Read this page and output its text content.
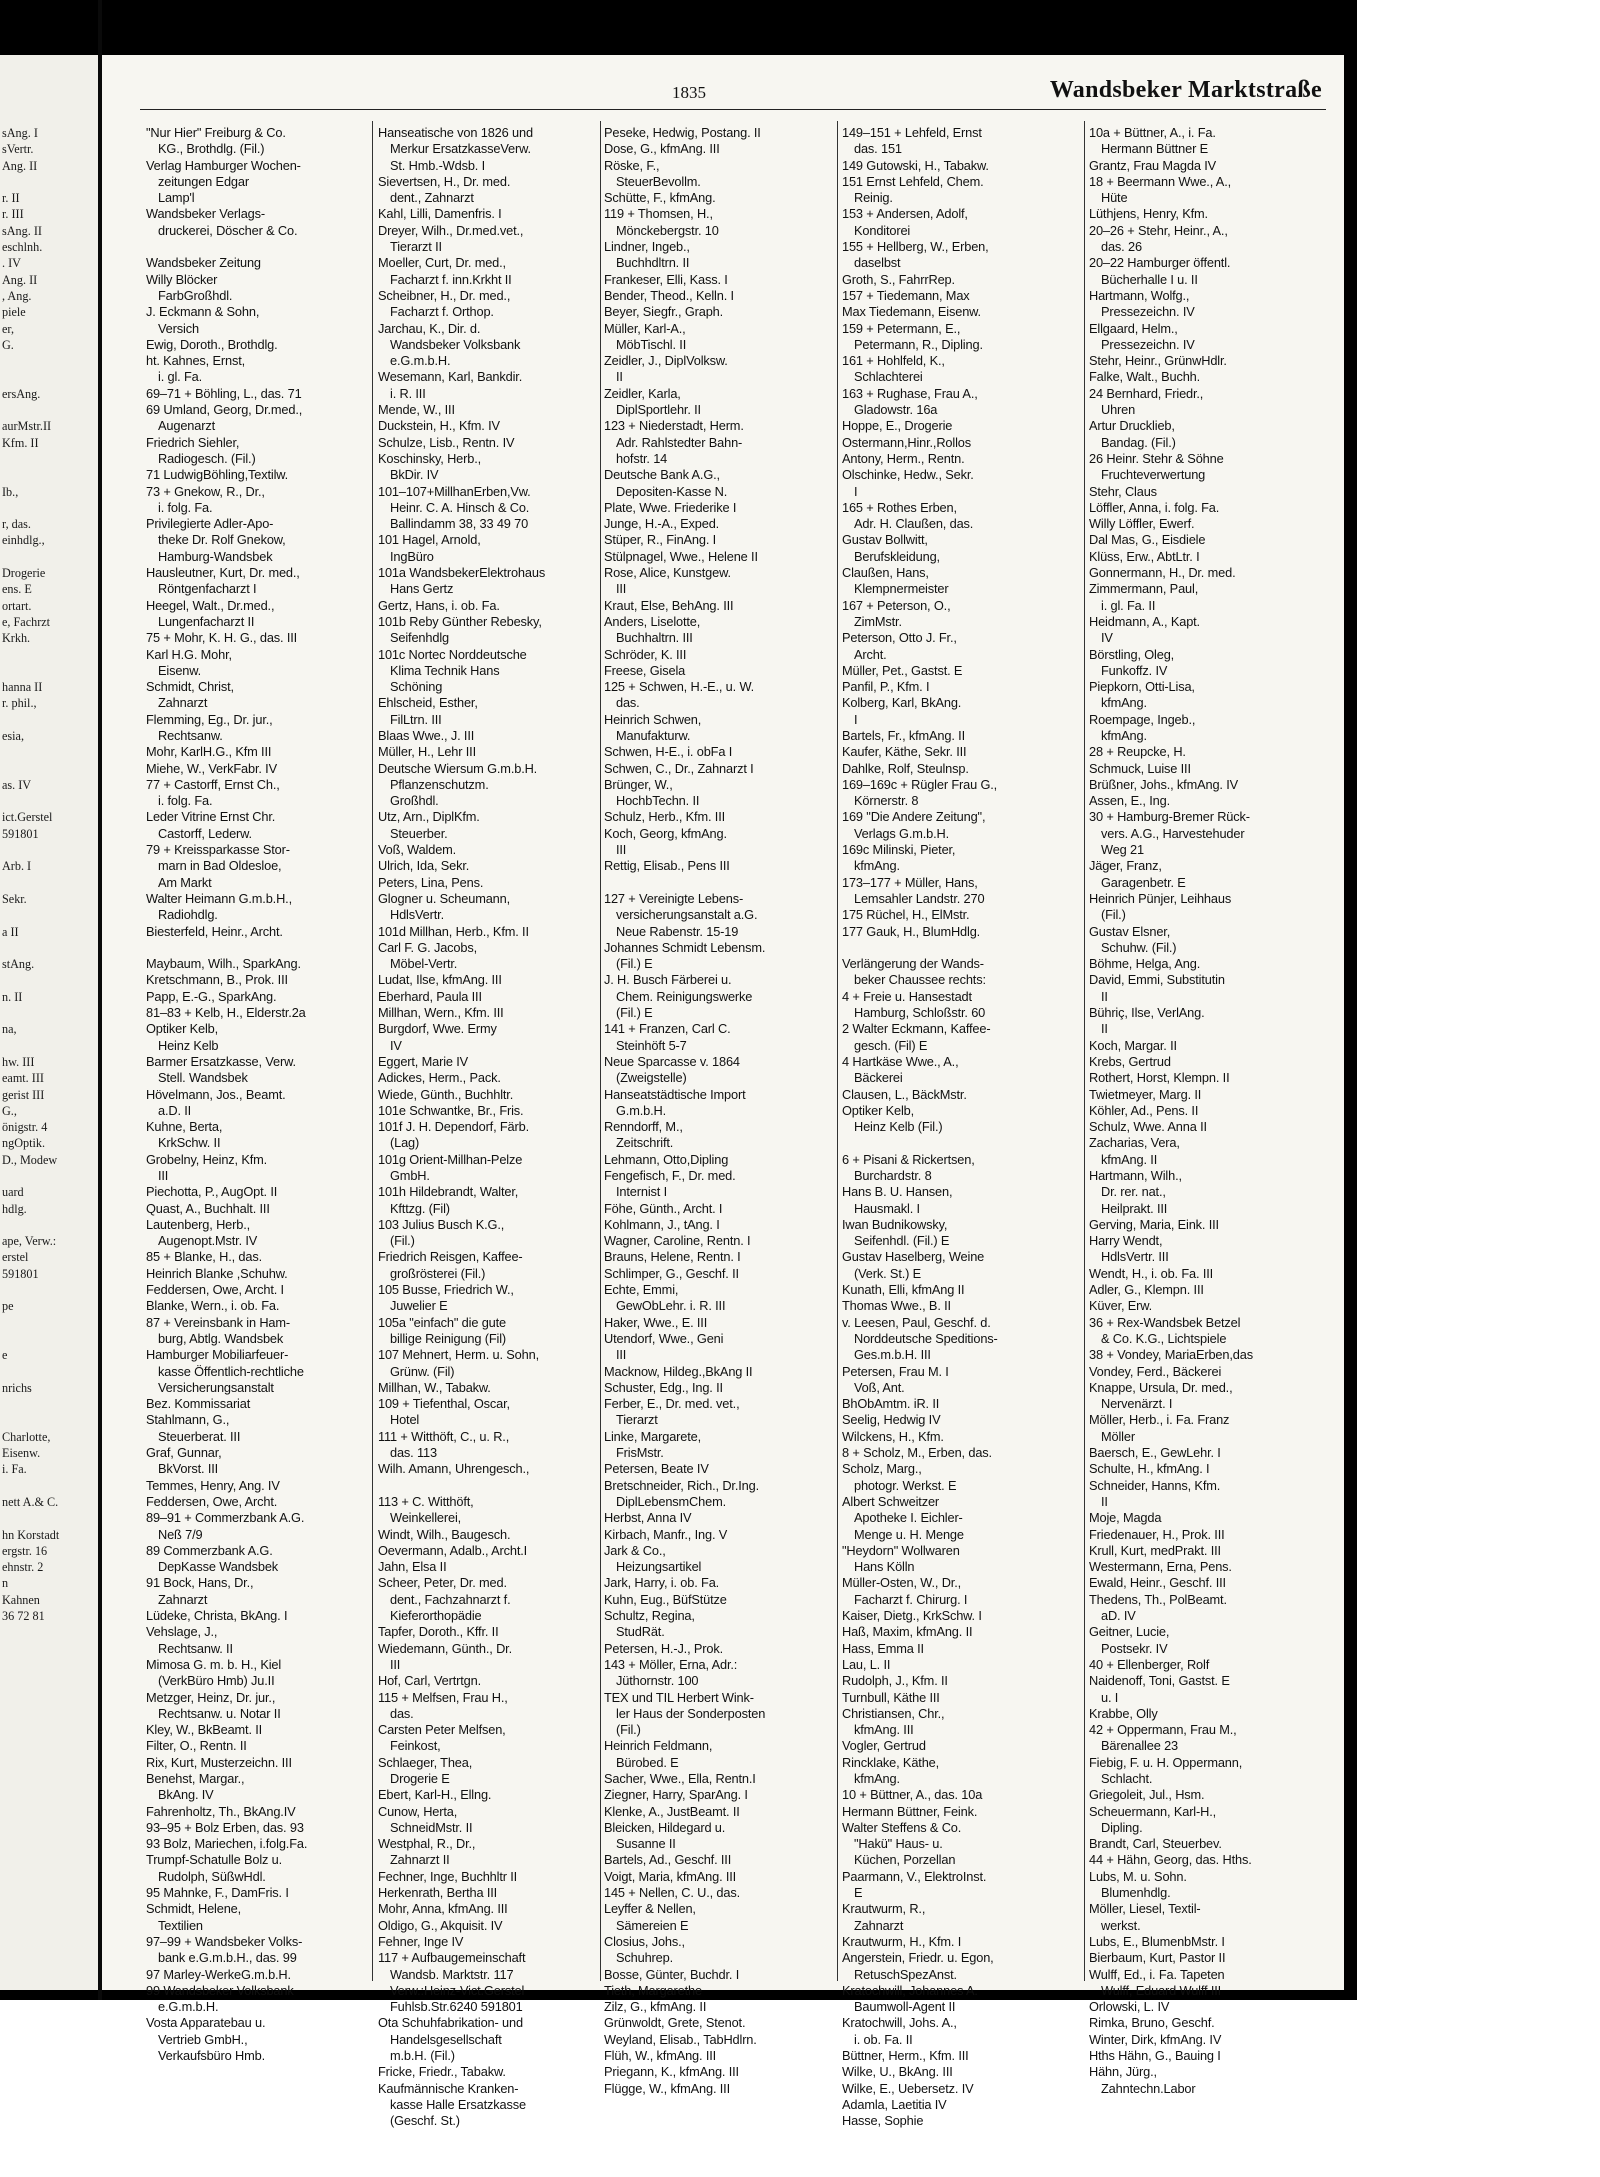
sAng. I
sVertr.
Ang. II

r. II
r. III
sAng. II
eschlnh.
. IV
Ang. II
, Ang.
piele
er,
G.

ersAng.

aurMstr.II
Kfm. II

Ib.,

r, das.
einhdlg.,

Drogerie
ens. E
ortart.
e, Fachrzt
Krkh.

hanna II
r. phil.,

esia,

as. IV

ict.Gerstel
591801

Arb. I

Sekr.

a II

stAng.

n. II

na,

hw. III
eamt. III
gerist III
G.,
önigstr. 4
ngOptik.
D., Modew

uard
hdlg.

ape, Verw.:
erstel
591801

pe

e

nrichs

Charlotte,
Eisenw.
i. Fa.

nett A.& C.

hn Korstadt
ergstr. 16
ehnstr. 2
n
Kahnen
36 72 81
1835	Wandsbeker Marktstraße
"Nur Hier" Freiburg & Co.
KG., Brothdlg. (Fil.)
Verlag Hamburger Wochen-
zeitungen Edgar
Lamp'l
Wandsbeker Verlags-
druckerei, Döscher & Co.

Wandsbeker Zeitung
Willy Blöcker
FarbGroßhdl.
J. Eckmann & Sohn,
Versich
Ewig, Doroth., Brothdlg.
ht. Kahnes, Ernst,
i. gl. Fa.
69–71 + Böhling, L., das. 71
69 Umland, Georg, Dr.med.,
Augenarzt
Friedrich Siehler,
Radiogesch. (Fil.)
71 LudwigBöhling,Textilw.
73 + Gnekow, R., Dr.,
i. folg. Fa.
Privilegierte Adler-Apo-
theke Dr. Rolf Gnekow,
Hamburg-Wandsbek
Hausleutner, Kurt, Dr. med.,
Röntgenfacharzt I
Heegel, Walt., Dr.med.,
Lungenfacharzt II
75 + Mohr, K. H. G., das. III
Karl H.G. Mohr,
Eisenw.
Schmidt, Christ,
Zahnarzt
Flemming, Eg., Dr. jur.,
Rechtsanw.
Mohr, KarlH.G., Kfm III
Miehe, W., VerkFabr. IV
77 + Castorff, Ernst Ch.,
i. folg. Fa.
Leder Vitrine Ernst Chr.
Castorff, Lederw.
79 + Kreissparkasse Stor-
marn in Bad Oldesloe,
Am Markt
Walter Heimann G.m.b.H.,
Radiohdlg.
Biesterfeld, Heinr., Archt.

Maybaum, Wilh., SparkAng.
Kretschmann, B., Prok. III
Papp, E.-G., SparkAng.
81–83 + Kelb, H., Elderstr.2a
Optiker Kelb,
Heinz Kelb
Barmer Ersatzkasse, Verw.
Stell. Wandsbek
Hövelmann, Jos., Beamt.
a.D. II
Kuhne, Berta,
KrkSchw. II
Grobelny, Heinz, Kfm.
III
Piechotta, P., AugOpt. II
Quast, A., Buchhalt. III
Lautenberg, Herb.,
Augenopt.Mstr. IV
85 + Blanke, H., das.
Heinrich Blanke ,Schuhw.
Feddersen, Owe, Archt. I
Blanke, Wern., i. ob. Fa.
87 + Vereinsbank in Ham-
burg, Abtlg. Wandsbek
Hamburger Mobiliarfeuer-
kasse Öffentlich-rechtliche
Versicherungsanstalt
Bez. Kommissariat
Stahlmann, G.,
Steuerberat. III
Graf, Gunnar,
BkVorst. III
Temmes, Henry, Ang. IV
Feddersen, Owe, Archt.
89–91 + Commerzbank A.G.
Neß 7/9
89 Commerzbank A.G.
DepKasse Wandsbek
91 Bock, Hans, Dr.,
Zahnarzt
Lüdeke, Christa, BkAng. I
Vehslage, J.,
Rechtsanw. II
Mimosa G. m. b. H., Kiel
(VerkBüro Hmb) Ju.II
Metzger, Heinz, Dr. jur.,
Rechtsanw. u. Notar II
Kley, W., BkBeamt. II
Filter, O., Rentn. II
Rix, Kurt, Musterzeichn. III
Benehst, Margar.,
BkAng. IV
Fahrenholtz, Th., BkAng.IV
93–95 + Bolz Erben, das. 93
93 Bolz, Mariechen, i.folg.Fa.
Trumpf-Schatulle Bolz u.
Rudolph, SüßwHdl.
95 Mahnke, F., DamFris. I
Schmidt, Helene,
Textilien
97–99 + Wandsbeker Volks-
bank e.G.m.b.H., das. 99
97 Marley-WerkeG.m.b.H.
99 Wandsbeker Volksbank
e.G.m.b.H.
Vosta Apparatebau u.
Vertrieb GmbH.,
Verkaufsbüro Hmb.
Hanseatische von 1826 und
Merkur ErsatzkasseVerw.
St. Hmb.-Wdsb. I
Sievertsen, H., Dr. med.
dent., Zahnarzt
Kahl, Lilli, Damenfris. I
Dreyer, Wilh., Dr.med.vet.,
Tierarzt II
Moeller, Curt, Dr. med.,
Facharzt f. inn.Krkht II
Scheibner, H., Dr. med.,
Facharzt f. Orthop.
Jarchau, K., Dir. d.
Wandsbeker Volksbank
e.G.m.b.H.
Wesemann, Karl, Bankdir.
i. R. III
Mende, W., III
Duckstein, H., Kfm. IV
Schulze, Lisb., Rentn. IV
Koschinsky, Herb.,
BkDir. IV
101–107+MillhanErben,Vw.
Heinr. C. A. Hinsch & Co.
Ballindamm 38, 33 49 70
101 Hagel, Arnold,
IngBüro
101a WandsbekerElektrohaus
Hans Gertz
Gertz, Hans, i. ob. Fa.
101b Reby Günther Rebesky,
Seifenhdlg
101c Nortec Norddeutsche
Klima Technik Hans
Schöning
Ehlscheid, Esther,
FilLtrn. III
Blaas Wwe., J. III
Müller, H., Lehr III
Deutsche Wiersum G.m.b.H.
Pflanzenschutzm.
Großhdl.
Utz, Arn., DiplKfm.
Steuerber.
Voß, Waldem.
Ulrich, Ida, Sekr.
Peters, Lina, Pens.
Glogner u. Scheumann,
HdlsVertr.
101d Millhan, Herb., Kfm. II
Carl F. G. Jacobs,
Möbel-Vertr.
Ludat, Ilse, kfmAng. III
Eberhard, Paula III
Millhan, Wern., Kfm. III
Burgdorf, Wwe. Ermy
IV
Eggert, Marie IV
Adickes, Herm., Pack.
Wiede, Günth., Buchhltr.
101e Schwantke, Br., Fris.
101f J. H. Dependorf, Färb.
(Lag)
101g Orient-Millhan-Pelze
GmbH.
101h Hildebrandt, Walter,
Kfttzg. (Fil)
103 Julius Busch K.G.,
(Fil.)
Friedrich Reisgen, Kaffee-
großrösterei (Fil.)
105 Busse, Friedrich W.,
Juwelier E
105a "einfach" die gute
billige Reinigung (Fil)
107 Mehnert, Herm. u. Sohn,
Grünw. (Fil)
Millhan, W., Tabakw.
109 + Tiefenthal, Oscar,
Hotel
111 + Witthöft, C., u. R.,
das. 113
Wilh. Amann, Uhrengesch.,

113 + C. Witthöft,
Weinkellerei,
Windt, Wilh., Baugesch.
Oevermann, Adalb., Archt.I
Jahn, Elsa II
Scheer, Peter, Dr. med.
dent., Fachzahnarzt f.
Kieferorthopädie
Tapfer, Doroth., Kffr. II
Wiedemann, Günth., Dr.
III
Hof, Carl, Vertrtgn.
115 + Melfsen, Frau H.,
das.
Carsten Peter Melfsen,
Feinkost,
Schlaeger, Thea,
Drogerie E
Ebert, Karl-H., Ellng.
Cunow, Herta,
SchneidMstr. II
Westphal, R., Dr.,
Zahnarzt II
Fechner, Inge, Buchhltr II
Herkenrath, Bertha III
Mohr, Anna, kfmAng. III
Oldigo, G., Akquisit. IV
Fehner, Inge IV
117 + Aufbaugemeinschaft
Wandsb. Marktstr. 117
Verw.:Heinz-Vict.Gerstel
Fuhlsb.Str.6240 591801
Ota Schuhfabrikation- und
Handelsgesellschaft
m.b.H. (Fil.)
Fricke, Friedr., Tabakw.
Kaufmännische Kranken-
kasse Halle Ersatzkasse
(Geschf. St.)
Peseke, Hedwig, Postang. II
Dose, G., kfmAng. III
Röske, F.,
SteuerBevollm.
Schütte, F., kfmAng.
119 + Thomsen, H.,
Mönckebergstr. 10
Lindner, Ingeb.,
Buchhdltrn. II
Frankeser, Elli, Kass. I
Bender, Theod., Kelln. I
Beyer, Siegfr., Graph.
Müller, Karl-A.,
MöbTischl. II
Zeidler, J., DiplVolksw.
II
Zeidler, Karla,
DiplSportlehr. II
123 + Niederstadt, Herm.
Adr. Rahlstedter Bahn-
hofstr. 14
Deutsche Bank A.G.,
Depositen-Kasse N.
Plate, Wwe. Friederike I
Junge, H.-A., Exped.
Stüper, R., FinAng. I
Stülpnagel, Wwe., Helene II
Rose, Alice, Kunstgew.
III
Kraut, Else, BehAng. III
Anders, Liselotte,
Buchhaltrn. III
Schröder, K. III
Freese, Gisela
125 + Schwen, H.-E., u. W.
das.
Heinrich Schwen,
Manufakturw.
Schwen, H-E., i. obFa I
Schwen, C., Dr., Zahnarzt I
Brünger, W.,
HochbTechn. II
Schulz, Herb., Kfm. III
Koch, Georg, kfmAng.
III
Rettig, Elisab., Pens III

127 + Vereinigte Lebens-
versicherungsanstalt a.G.
Neue Rabenstr. 15-19
Johannes Schmidt Lebensm.
(Fil.) E
J. H. Busch Färberei u.
Chem. Reinigungswerke
(Fil.) E
141 + Franzen, Carl C.
Steinhöft 5-7
Neue Sparcasse v. 1864
(Zweigstelle)
Hanseatstädtische Import
G.m.b.H.
Renndorff, M.,
Zeitschrift.
Lehmann, Otto,Dipling
Fengefisch, F., Dr. med.
Internist I
Föhe, Günth., Archt. I
Kohlmann, J., tAng. I
Wagner, Caroline, Rentn. I
Brauns, Helene, Rentn. I
Schlimper, G., Geschf. II
Echte, Emmi,
GewObLehr. i. R. III
Haker, Wwe., E. III
Utendorf, Wwe., Geni
III
Macknow, Hildeg.,BkAng II
Schuster, Edg., Ing. II
Ferber, E., Dr. med. vet.,
Tierarzt
Linke, Margarete,
FrisMstr.
Petersen, Beate IV
Bretschneider, Rich., Dr.Ing.
DiplLebensmChem.
Herbst, Anna IV
Kirbach, Manfr., Ing. V
Jark & Co.,
Heizungsartikel
Jark, Harry, i. ob. Fa.
Kuhn, Eug., BüfStütze
Schultz, Regina,
StudRät.
Petersen, H.-J., Prok.
143 + Möller, Erna, Adr.:
Jüthornstr. 100
TEX und TIL Herbert Wink-
ler Haus der Sonderposten
(Fil.)
Heinrich Feldmann,
Bürobed. E
Sacher, Wwe., Ella, Rentn.I
Ziegner, Harry, SparAng. I
Klenke, A., JustBeamt. II
Bleicken, Hildegard u.
Susanne II
Bartels, Ad., Geschf. III
Voigt, Maria, kfmAng. III
145 + Nellen, C. U., das.
Leyffer & Nellen,
Sämereien E
Closius, Johs.,
Schuhrep.
Bosse, Günter, Buchdr. I
Tieth, Margarethe
Zilz, G., kfmAng. II
Grünwoldt, Grete, Stenot.
Weyland, Elisab., TabHdlrn.
Flüh, W., kfmAng. III
Priegann, K., kfmAng. III
Flügge, W., kfmAng. III
149–151 + Lehfeld, Ernst
das. 151
149 Gutowski, H., Tabakw.
151 Ernst Lehfeld, Chem.
Reinig.
153 + Andersen, Adolf,
Konditorei
155 + Hellberg, W., Erben,
daselbst
Groth, S., FahrrRep.
157 + Tiedemann, Max
Max Tiedemann, Eisenw.
159 + Petermann, E.,
Petermann, R., Dipling.
161 + Hohlfeld, K.,
Schlachterei
163 + Rughase, Frau A.,
Gladowstr. 16a
Hoppe, E., Drogerie
Ostermann,Hinr.,Rollos
Antony, Herm., Rentn.
Olschinke, Hedw., Sekr.
I
165 + Rothes Erben,
Adr. H. Claußen, das.
Gustav Bollwitt,
Berufskleidung,
Claußen, Hans,
Klempnermeister
167 + Peterson, O.,
ZimMstr.
Peterson, Otto J. Fr.,
Archt.
Müller, Pet., Gastst. E
Panfil, P., Kfm. I
Kolberg, Karl, BkAng.
I
Bartels, Fr., kfmAng. II
Kaufer, Käthe, Sekr. III
Dahlke, Rolf, Steulnsp.
169–169c + Rügler Frau G.,
Körnerstr. 8
169 "Die Andere Zeitung",
Verlags G.m.b.H.
169c Milinski, Pieter,
kfmAng.
173–177 + Müller, Hans,
Lemsahler Landstr. 270
175 Rüchel, H., ElMstr.
177 Gauk, H., BlumHdlg.

Verlängerung der Wands-
beker Chaussee rechts:
4 + Freie u. Hansestadt
Hamburg, Schloßstr. 60
2 Walter Eckmann, Kaffee-
gesch. (Fil) E
4 Hartkäse Wwe., A.,
Bäckerei
Clausen, L., BäckMstr.
Optiker Kelb,
Heinz Kelb (Fil.)

6 + Pisani & Rickertsen,
Burchardstr. 8
Hans B. U. Hansen,
Hausmakl. I
Iwan Budnikowsky,
Seifenhdl. (Fil.) E
Gustav Haselberg, Weine
(Verk. St.) E
Kunath, Elli, kfmAng II
Thomas Wwe., B. II
v. Leesen, Paul, Geschf. d.
Norddeutsche Speditions-
Ges.m.b.H. III
Petersen, Frau M. I
Voß, Ant.
BhObAmtm. iR. II
Seelig, Hedwig IV
Wilckens, H., Kfm.
8 + Scholz, M., Erben, das.
Scholz, Marg.,
photogr. Werkst. E
Albert Schweitzer
Apotheke I. Eichler-
Menge u. H. Menge
"Heydorn" Wollwaren
Hans Kölln
Müller-Osten, W., Dr.,
Facharzt f. Chirurg. I
Kaiser, Dietg., KrkSchw. I
Haß, Maxim, kfmAng. II
Hass, Emma II
Lau, L. II
Rudolph, J., Kfm. II
Turnbull, Käthe III
Christiansen, Chr.,
kfmAng. III
Vogler, Gertrud
Rincklake, Käthe,
kfmAng.
10 + Büttner, A., das. 10a
Hermann Büttner, Feink.
Walter Steffens & Co.
"Hakü" Haus- u.
Küchen, Porzellan
Paarmann, V., ElektroInst.
E
Krautwurm, R.,
Zahnarzt
Krautwurm, H., Kfm. I
Angerstein, Friedr. u. Egon,
RetuschSpezAnst.
Kratochwill, Johannes A.
Baumwoll-Agent II
Kratochwill, Johs. A.,
i. ob. Fa. II
Büttner, Herm., Kfm. III
Wilke, U., BkAng. III
Wilke, E., Uebersetz. IV
Adamla, Laetitia IV
Hasse, Sophie
10a + Büttner, A., i. Fa.
Hermann Büttner E
Grantz, Frau Magda IV
18 + Beermann Wwe., A.,
Hüte
Lüthjens, Henry, Kfm.
20–26 + Stehr, Heinr., A.,
das. 26
20–22 Hamburger öffentl.
Bücherhalle I u. II
Hartmann, Wolfg.,
Pressezeichn. IV
Ellgaard, Helm.,
Pressezeichn. IV
Stehr, Heinr., GrünwHdlr.
Falke, Walt., Buchh.
24 Bernhard, Friedr.,
Uhren
Artur Drucklieb,
Bandag. (Fil.)
26 Heinr. Stehr & Söhne
Fruchteverwertung
Stehr, Claus
Löffler, Anna, i. folg. Fa.
Willy Löffler, Ewerf.
Dal Mas, G., Eisdiele
Klüss, Erw., AbtLtr. I
Gonnermann, H., Dr. med.
Zimmermann, Paul,
i. gl. Fa. II
Heidmann, A., Kapt.
IV
Börstling, Oleg,
Funkoffz. IV
Piepkorn, Otti-Lisa,
kfmAng.
Roempage, Ingeb.,
kfmAng.
28 + Reupcke, H.
Schmuck, Luise III
Brüßner, Johs., kfmAng. IV
Assen, E., Ing.
30 + Hamburg-Bremer Rück-
vers. A.G., Harvestehuder
Weg 21
Jäger, Franz,
Garagenbetr. E
Heinrich Pünjer, Leihhaus
(Fil.)
Gustav Elsner,
Schuhw. (Fil.)
Böhme, Helga, Ang.
David, Emmi, Substitutin
II
Bühriç, Ilse, VerlAng.
II
Koch, Margar. II
Krebs, Gertrud
Rothert, Horst, Klempn. II
Twietmeyer, Marg. II
Köhler, Ad., Pens. II
Schulz, Wwe. Anna II
Zacharias, Vera,
kfmAng. II
Hartmann, Wilh.,
Dr. rer. nat.,
Heilprakt. III
Gerving, Maria, Eink. III
Harry Wendt,
HdlsVertr. III
Wendt, H., i. ob. Fa. III
Adler, G., Klempn. III
Küver, Erw.
36 + Rex-Wandsbek Betzel
& Co. K.G., Lichtspiele
38 + Vondey, MariaErben,das
Vondey, Ferd., Bäckerei
Knappe, Ursula, Dr. med.,
Nervenärzt. I
Möller, Herb., i. Fa. Franz
Möller
Baersch, E., GewLehr. I
Schulte, H., kfmAng. I
Schneider, Hanns, Kfm.
II
Moje, Magda
Friedenauer, H., Prok. III
Krull, Kurt, medPrakt. III
Westermann, Erna, Pens.
Ewald, Heinr., Geschf. III
Thedens, Th., PolBeamt.
aD. IV
Geitner, Lucie,
Postsekr. IV
40 + Ellenberger, Rolf
Naidenoff, Toni, Gastst. E
u. I
Krabbe, Olly
42 + Oppermann, Frau M.,
Bärenallee 23
Fiebig, F. u. H. Oppermann,
Schlacht.
Griegoleit, Jul., Hsm.
Scheuermann, Karl-H.,
Dipling.
Brandt, Carl, Steuerbev.
44 + Hähn, Georg, das. Hths.
Lubs, M. u. Sohn.
Blumenhdlg.
Möller, Liesel, Textil-
werkst.
Lubs, E., BlumenbMstr. I
Bierbaum, Kurt, Pastor II
Wulff, Ed., i. Fa. Tapeten
Wulff, Eduard Wulff III
Orlowski, L. IV
Rimka, Bruno, Geschf.
Winter, Dirk, kfmAng. IV
Hths Hähn, G., Bauing I
Hähn, Jürg.,
Zahntechn.Labor
